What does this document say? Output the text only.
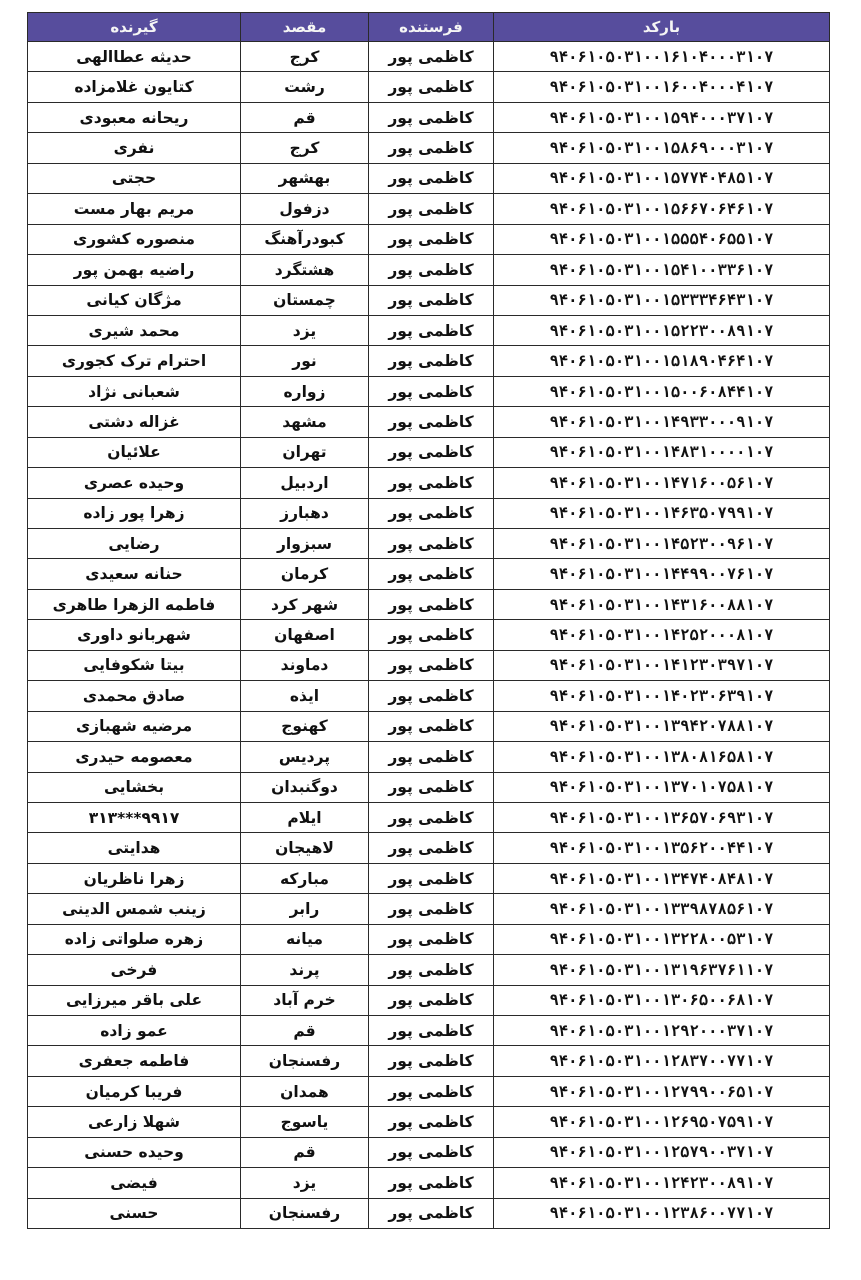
بارکد	فرستنده	مقصد	گیرنده
۹۴۰۶۱۰۵۰۳۱۰۰۱۶۱۰۴۰۰۰۳۱۰۷	کاظمی پور	کرج	حدیثه عطاالهی
۹۴۰۶۱۰۵۰۳۱۰۰۱۶۰۰۴۰۰۰۴۱۰۷	کاظمی پور	رشت	کتایون غلامزاده
۹۴۰۶۱۰۵۰۳۱۰۰۱۵۹۴۰۰۰۳۷۱۰۷	کاظمی پور	قم	ریحانه معبودی
۹۴۰۶۱۰۵۰۳۱۰۰۱۵۸۶۹۰۰۰۳۱۰۷	کاظمی پور	کرج	نفری
۹۴۰۶۱۰۵۰۳۱۰۰۱۵۷۷۴۰۴۸۵۱۰۷	کاظمی پور	بهشهر	حجتی
۹۴۰۶۱۰۵۰۳۱۰۰۱۵۶۶۷۰۶۴۶۱۰۷	کاظمی پور	دزفول	مریم بهار مست
۹۴۰۶۱۰۵۰۳۱۰۰۱۵۵۵۴۰۶۵۵۱۰۷	کاظمی پور	کبودرآهنگ	منصوره کشوری
۹۴۰۶۱۰۵۰۳۱۰۰۱۵۴۱۰۰۳۳۶۱۰۷	کاظمی پور	هشتگرد	راضیه بهمن پور
۹۴۰۶۱۰۵۰۳۱۰۰۱۵۳۳۳۴۶۴۳۱۰۷	کاظمی پور	چمستان	مژگان کیانی
۹۴۰۶۱۰۵۰۳۱۰۰۱۵۲۲۳۰۰۸۹۱۰۷	کاظمی پور	یزد	محمد شیری
۹۴۰۶۱۰۵۰۳۱۰۰۱۵۱۸۹۰۴۶۴۱۰۷	کاظمی پور	نور	احترام ترک کجوری
۹۴۰۶۱۰۵۰۳۱۰۰۱۵۰۰۶۰۸۴۴۱۰۷	کاظمی پور	زواره	شعبانی نژاد
۹۴۰۶۱۰۵۰۳۱۰۰۱۴۹۳۳۰۰۰۹۱۰۷	کاظمی پور	مشهد	غزاله دشتی
۹۴۰۶۱۰۵۰۳۱۰۰۱۴۸۳۱۰۰۰۰۱۰۷	کاظمی پور	تهران	علائیان
۹۴۰۶۱۰۵۰۳۱۰۰۱۴۷۱۶۰۰۵۶۱۰۷	کاظمی پور	اردبیل	وحیده عصری
۹۴۰۶۱۰۵۰۳۱۰۰۱۴۶۳۵۰۷۹۹۱۰۷	کاظمی پور	دهبارز	زهرا پور زاده
۹۴۰۶۱۰۵۰۳۱۰۰۱۴۵۲۳۰۰۹۶۱۰۷	کاظمی پور	سبزوار	رضایی
۹۴۰۶۱۰۵۰۳۱۰۰۱۴۴۹۹۰۰۷۶۱۰۷	کاظمی پور	کرمان	حنانه سعیدی
۹۴۰۶۱۰۵۰۳۱۰۰۱۴۳۱۶۰۰۸۸۱۰۷	کاظمی پور	شهر کرد	فاطمه الزهرا طاهری
۹۴۰۶۱۰۵۰۳۱۰۰۱۴۲۵۲۰۰۰۸۱۰۷	کاظمی پور	اصفهان	شهربانو داوری
۹۴۰۶۱۰۵۰۳۱۰۰۱۴۱۲۳۰۳۹۷۱۰۷	کاظمی پور	دماوند	بیتا شکوفایی
۹۴۰۶۱۰۵۰۳۱۰۰۱۴۰۲۳۰۶۳۹۱۰۷	کاظمی پور	ایذه	صادق محمدی
۹۴۰۶۱۰۵۰۳۱۰۰۱۳۹۴۲۰۷۸۸۱۰۷	کاظمی پور	کهنوج	مرضیه شهبازی
۹۴۰۶۱۰۵۰۳۱۰۰۱۳۸۰۸۱۶۵۸۱۰۷	کاظمی پور	پردیس	معصومه حیدری
۹۴۰۶۱۰۵۰۳۱۰۰۱۳۷۰۱۰۷۵۸۱۰۷	کاظمی پور	دوگنبدان	بخشایی
۹۴۰۶۱۰۵۰۳۱۰۰۱۳۶۵۷۰۶۹۳۱۰۷	کاظمی پور	ایلام	۹۹۱۷***۳۱۳
۹۴۰۶۱۰۵۰۳۱۰۰۱۳۵۶۲۰۰۴۴۱۰۷	کاظمی پور	لاهیجان	هدایتی
۹۴۰۶۱۰۵۰۳۱۰۰۱۳۴۷۴۰۸۴۸۱۰۷	کاظمی پور	مبارکه	زهرا ناظریان
۹۴۰۶۱۰۵۰۳۱۰۰۱۳۳۹۸۷۸۵۶۱۰۷	کاظمی پور	رابر	زینب شمس الدینی
۹۴۰۶۱۰۵۰۳۱۰۰۱۳۲۲۸۰۰۵۳۱۰۷	کاظمی پور	میانه	زهره صلواتی زاده
۹۴۰۶۱۰۵۰۳۱۰۰۱۳۱۹۶۳۷۶۱۱۰۷	کاظمی پور	پرند	فرخی
۹۴۰۶۱۰۵۰۳۱۰۰۱۳۰۶۵۰۰۶۸۱۰۷	کاظمی پور	خرم آباد	علی باقر میرزایی
۹۴۰۶۱۰۵۰۳۱۰۰۱۲۹۲۰۰۰۳۷۱۰۷	کاظمی پور	قم	عمو زاده
۹۴۰۶۱۰۵۰۳۱۰۰۱۲۸۳۷۰۰۷۷۱۰۷	کاظمی پور	رفسنجان	فاطمه جعفری
۹۴۰۶۱۰۵۰۳۱۰۰۱۲۷۹۹۰۰۶۵۱۰۷	کاظمی پور	همدان	فریبا کرمیان
۹۴۰۶۱۰۵۰۳۱۰۰۱۲۶۹۵۰۷۵۹۱۰۷	کاظمی پور	یاسوج	شهلا زارعی
۹۴۰۶۱۰۵۰۳۱۰۰۱۲۵۷۹۰۰۳۷۱۰۷	کاظمی پور	قم	وحیده حسنی
۹۴۰۶۱۰۵۰۳۱۰۰۱۲۴۲۳۰۰۸۹۱۰۷	کاظمی پور	یزد	فیضی
۹۴۰۶۱۰۵۰۳۱۰۰۱۲۳۸۶۰۰۷۷۱۰۷	کاظمی پور	رفسنجان	حسنی
